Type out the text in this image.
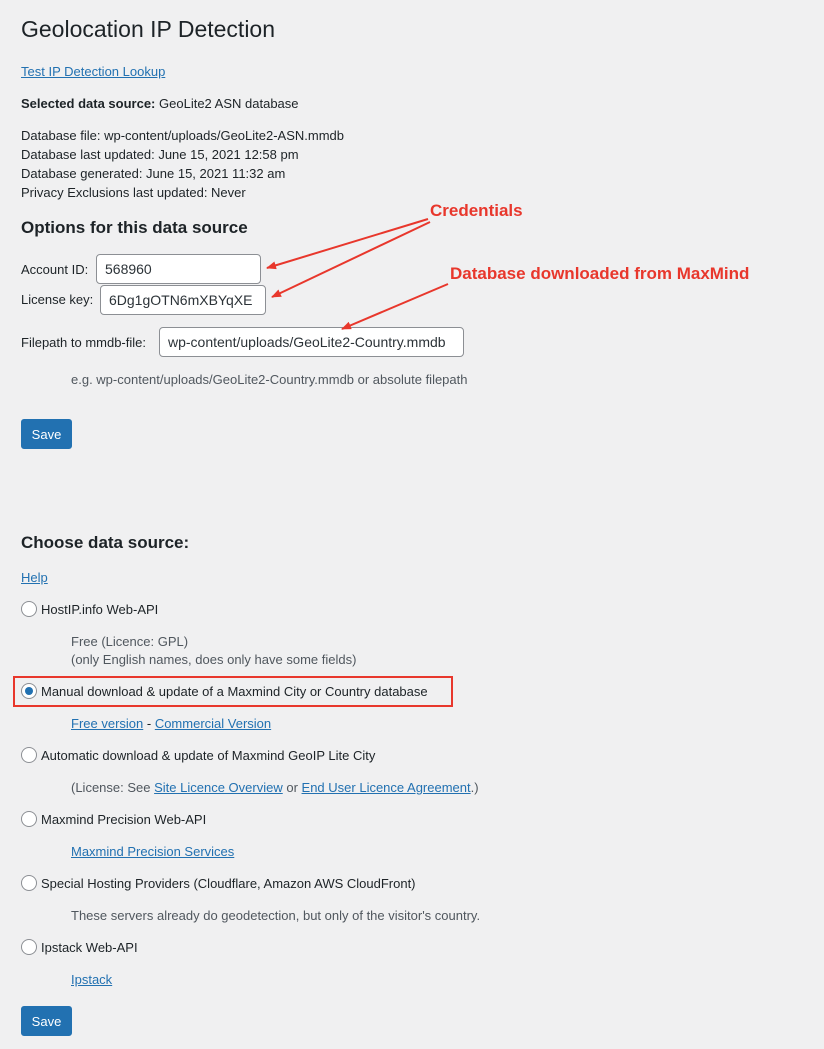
Geolocation IP Detection
Test IP Detection Lookup
Selected data source: GeoLite2 ASN database
Database file: wp-content/uploads/GeoLite2-ASN.mmdb
Database last updated: June 15, 2021 12:58 pm
Database generated: June 15, 2021 11:32 am
Privacy Exclusions last updated: Never
Options for this data source
Account ID:
568960
License key:
6Dg1gOTN6mXBYqXE
Filepath to mmdb-file:
wp-content/uploads/GeoLite2-Country.mmdb
e.g. wp-content/uploads/GeoLite2-Country.mmdb or absolute filepath
Save
Credentials
Database downloaded from MaxMind
Choose data source:
Help
HostIP.info Web-API
Free (Licence: GPL)
(only English names, does only have some fields)
Manual download & update of a Maxmind City or Country database
Free version - Commercial Version
Automatic download & update of Maxmind GeoIP Lite City
(License: See Site Licence Overview or End User Licence Agreement.)
Maxmind Precision Web-API
Maxmind Precision Services
Special Hosting Providers (Cloudflare, Amazon AWS CloudFront)
These servers already do geodetection, but only of the visitor's country.
Ipstack Web-API
Ipstack
Save
